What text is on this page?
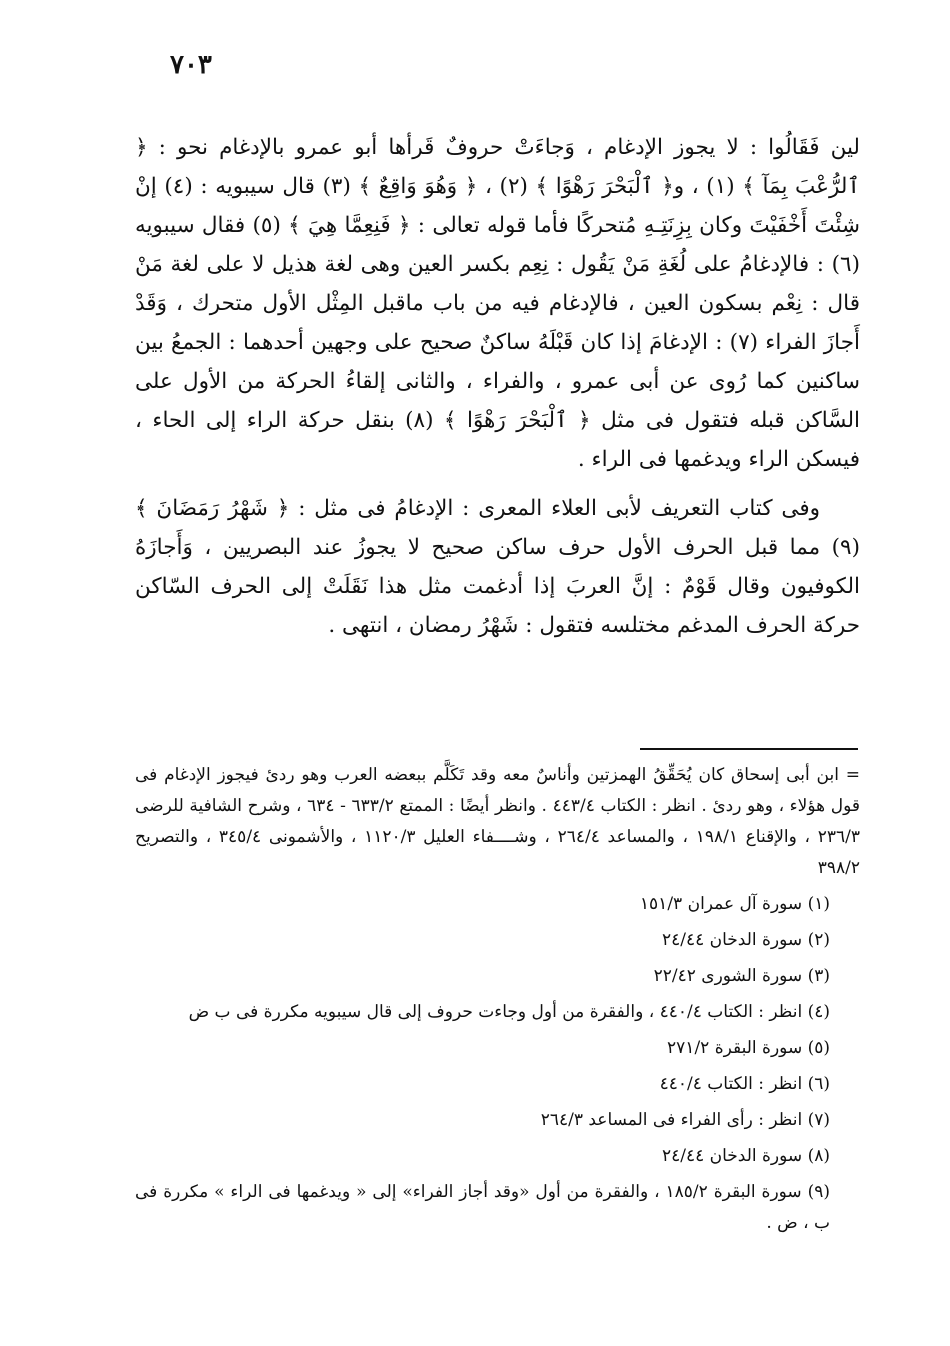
٧٠٣

لين فَقَالُوا : لا يجوز الإدغام ، وَجاءَتْ حروفٌ قَرأها أبو عمرو بالإدغام نحو : ﴿ ٱلرُّعْبَ بِمَآ ﴾ (١) ، و﴿ ٱلْبَحْرَ رَهْوًا ﴾ (٢) ، ﴿ وَهُوَ وَاقِعٌ ﴾ (٣) قال سيبويه : (٤) إنْ شِئْتَ أَخْفَيْتَ وكان بِزِنَتِـهِ مُتحركًا فأما قوله تعالى : ﴿ فَنِعِمَّا هِيَ ﴾ (٥) فقال سيبويه (٦) : فالإدغامُ على لُغَةِ مَنْ يَقُول : نِعِم بكسر العين وهى لغة هذيل لا على لغة مَنْ قال : نِعْم بسكون العين ، فالإدغام فيه من باب ماقبل المِثْل الأول متحرك ، وَقَدْ أَجازَ الفراء (٧) : الإدغامَ إذا كان قَبْلَهُ ساكنٌ صحيح على وجهين أحدهما : الجمعُ بين ساكنين كما رُوى عن أبى عمرو ، والفراء ، والثانى إلقاءُ الحركة من الأول على السَّاكن قبله فتقول فى مثل ﴿ ٱلْبَحْرَ رَهْوًا ﴾ (٨) بنقل حركة الراء إلى الحاء ، فيسكن الراء ويدغمها فى الراء .

وفى كتاب التعريف لأبى العلاء المعرى : الإدغامُ فى مثل : ﴿ شَهْرُ رَمَضَانَ ﴾ (٩) مما قبل الحرف الأول حرف ساكن صحيح لا يجوزُ عند البصريين ، وَأَجازَهُ الكوفيون وقال قَوْمٌ : إنَّ العربَ إذا أدغمت مثل هذا نَقَلَتْ إلى الحرف السّاكن حركة الحرف المدغم مختلسه فتقول : شَهْرُ رمضان ، انتهى .

= ابن أبى إسحاق كان يُحَقِّقُ الهمزتين وأناسٌ معه وقد تَكَلَّم ببعضه العرب وهو ردئ فيجوز الإدغام فى قول هؤلاء ، وهو ردئ . انظر : الكتاب ٤٤٣/٤ . وانظر أيضًا : الممتع ٦٣٣/٢ - ٦٣٤ ، وشرح الشافية للرضى ٢٣٦/٣ ، والإقناع ١٩٨/١ ، والمساعد ٢٦٤/٤ ، وشــــفاء العليل ١١٢٠/٣ ، والأشمونى ٣٤٥/٤ ، والتصريح ٣٩٨/٢

(١) سورة آل عمران ١٥١/٣

(٢) سورة الدخان ٢٤/٤٤

(٣) سورة الشورى ٢٢/٤٢

(٤) انظر : الكتاب ٤٤٠/٤ ، والفقرة من أول وجاءت حروف إلى قال سيبويه مكررة فى ب ض

(٥) سورة البقرة ٢٧١/٢

(٦) انظر : الكتاب ٤٤٠/٤

(٧) انظر : رأى الفراء فى المساعد ٢٦٤/٣

(٨) سورة الدخان ٢٤/٤٤

(٩) سورة البقرة ١٨٥/٢ ، والفقرة من أول «وقد أجاز الفراء» إلى « ويدغمها فى الراء » مكررة فى ب ، ض .
